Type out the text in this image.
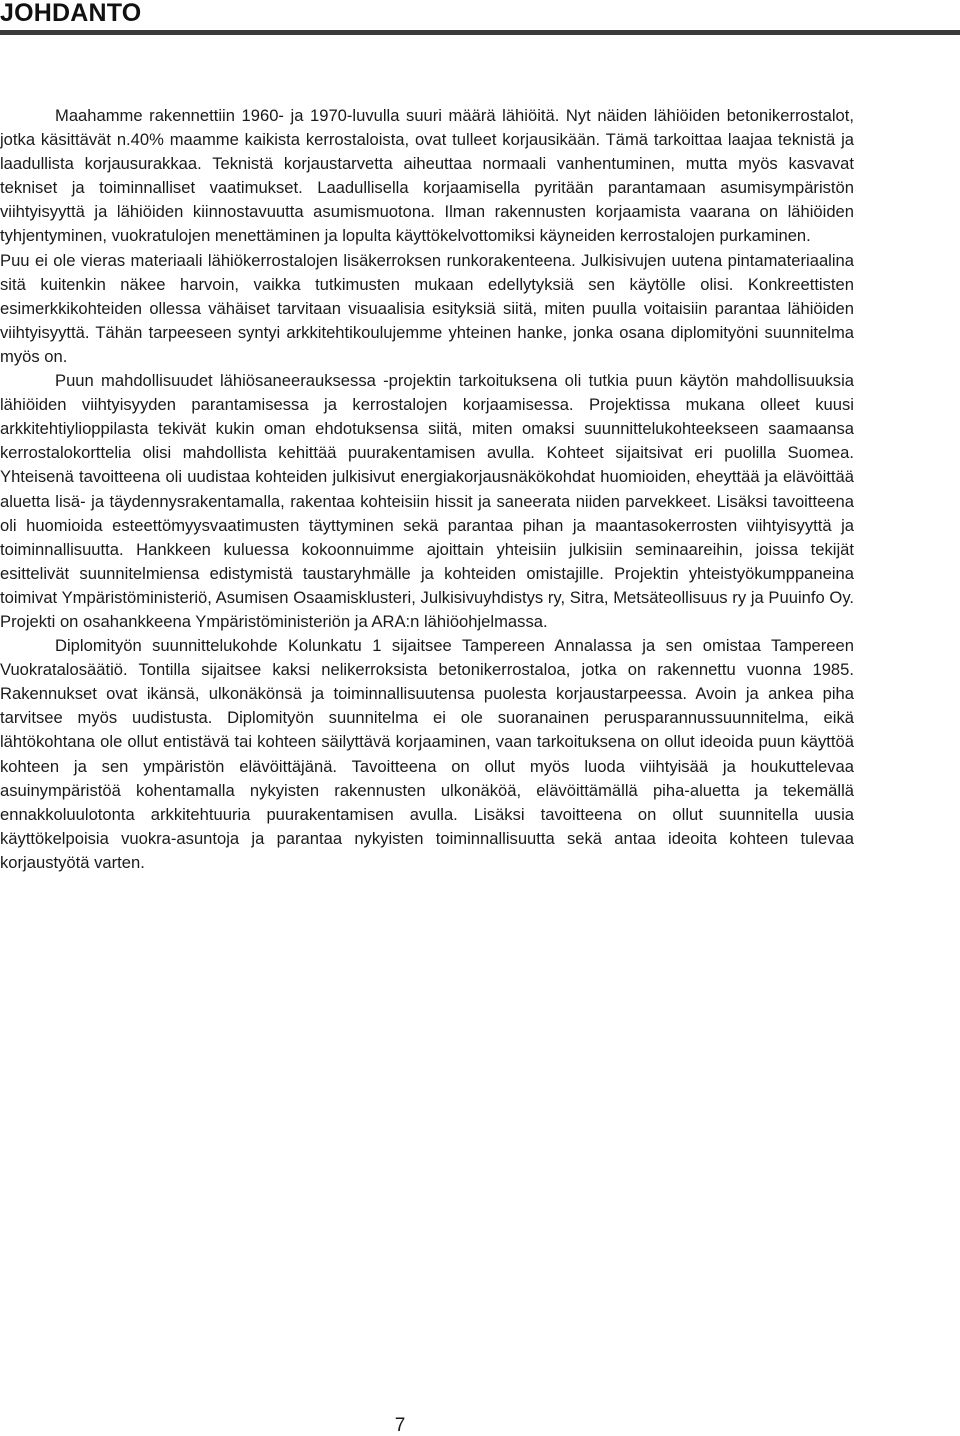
JOHDANTO

Maahamme rakennettiin 1960- ja 1970-luvulla suuri määrä lähiöitä. Nyt näiden lähiöiden betonikerrostalot, jotka käsittävät n.40% maamme kaikista kerrostaloista, ovat tulleet korjausikään. Tämä tarkoittaa laajaa teknistä ja laadullista korjausurakkaa. Teknistä korjaustarvetta aiheuttaa normaali vanhentuminen, mutta myös kasvavat tekniset ja toiminnalliset vaatimukset. Laadullisella korjaamisella pyritään parantamaan asumisympäristön viihtyisyyttä ja lähiöiden kiinnostavuutta asumismuotona. Ilman rakennusten korjaamista vaarana on lähiöiden tyhjentyminen, vuokratulojen menettäminen ja lopulta käyttökelvottomiksi käyneiden kerrostalojen purkaminen.

Puu ei ole vieras materiaali lähiökerrostalojen lisäkerroksen runkorakenteena. Julkisivujen uutena pintamateriaalina sitä kuitenkin näkee harvoin, vaikka tutkimusten mukaan edellytyksiä sen käytölle olisi. Konkreettisten esimerkkikohteiden ollessa vähäiset tarvitaan visuaalisia esityksiä siitä, miten puulla voitaisiin parantaa lähiöiden viihtyisyyttä. Tähän tarpeeseen syntyi arkkitehtikoulujemme yhteinen hanke, jonka osana diplomityöni suunnitelma myös on.

Puun mahdollisuudet lähiösaneerauksessa -projektin tarkoituksena oli tutkia puun käytön mahdollisuuksia lähiöiden viihtyisyyden parantamisessa ja kerrostalojen korjaamisessa. Projektissa mukana olleet kuusi arkkitehtiylioppilasta tekivät kukin oman ehdotuksensa siitä, miten omaksi suunnittelukohteekseen saamaansa kerrostalokorttelia olisi mahdollista kehittää puurakentamisen avulla. Kohteet sijaitsivat eri puolilla Suomea. Yhteisenä tavoitteena oli uudistaa kohteiden julkisivut energiakorjausnäkökohdat huomioiden, eheyttää ja elävöittää aluetta lisä- ja täydennysrakentamalla, rakentaa kohteisiin hissit ja saneerata niiden parvekkeet. Lisäksi tavoitteena oli huomioida esteettömyysvaatimusten täyttyminen sekä parantaa pihan ja maantasokerrosten viihtyisyyttä ja toiminnallisuutta. Hankkeen kuluessa kokoonnuimme ajoittain yhteisiin julkisiin seminaareihin, joissa tekijät esittelivät suunnitelmiensa edistymistä taustaryhmälle ja kohteiden omistajille. Projektin yhteistyökumppaneina toimivat Ympäristöministeriö, Asumisen Osaamisklusteri, Julkisivuyhdistys ry, Sitra, Metsäteollisuus ry ja Puuinfo Oy. Projekti on osahankkeena Ympäristöministeriön ja ARA:n lähiöohjelmassa.

Diplomityön suunnittelukohde Kolunkatu 1 sijaitsee Tampereen Annalassa ja sen omistaa Tampereen Vuokratalosäätiö. Tontilla sijaitsee kaksi nelikerroksista betonikerrostaloa, jotka on rakennettu vuonna 1985. Rakennukset ovat ikänsä, ulkonäkönsä ja toiminnallisuutensa puolesta korjaustarpeessa. Avoin ja ankea piha tarvitsee myös uudistusta. Diplomityön suunnitelma ei ole suoranainen perusparannussuunnitelma, eikä lähtökohtana ole ollut entistävä tai kohteen säilyttävä korjaaminen, vaan tarkoituksena on ollut ideoida puun käyttöä kohteen ja sen ympäristön elävöittäjänä. Tavoitteena on ollut myös luoda viihtyisää ja houkuttelevaa asuinympäristöä kohentamalla nykyisten rakennusten ulkonäköä, elävöittämällä piha-aluetta ja tekemällä ennakkoluulotonta arkkitehtuuria puurakentamisen avulla. Lisäksi tavoitteena on ollut suunnitella uusia käyttökelpoisia vuokra-asuntoja ja parantaa nykyisten toiminnallisuutta sekä antaa ideoita kohteen tulevaa korjaustyötä varten.

7
